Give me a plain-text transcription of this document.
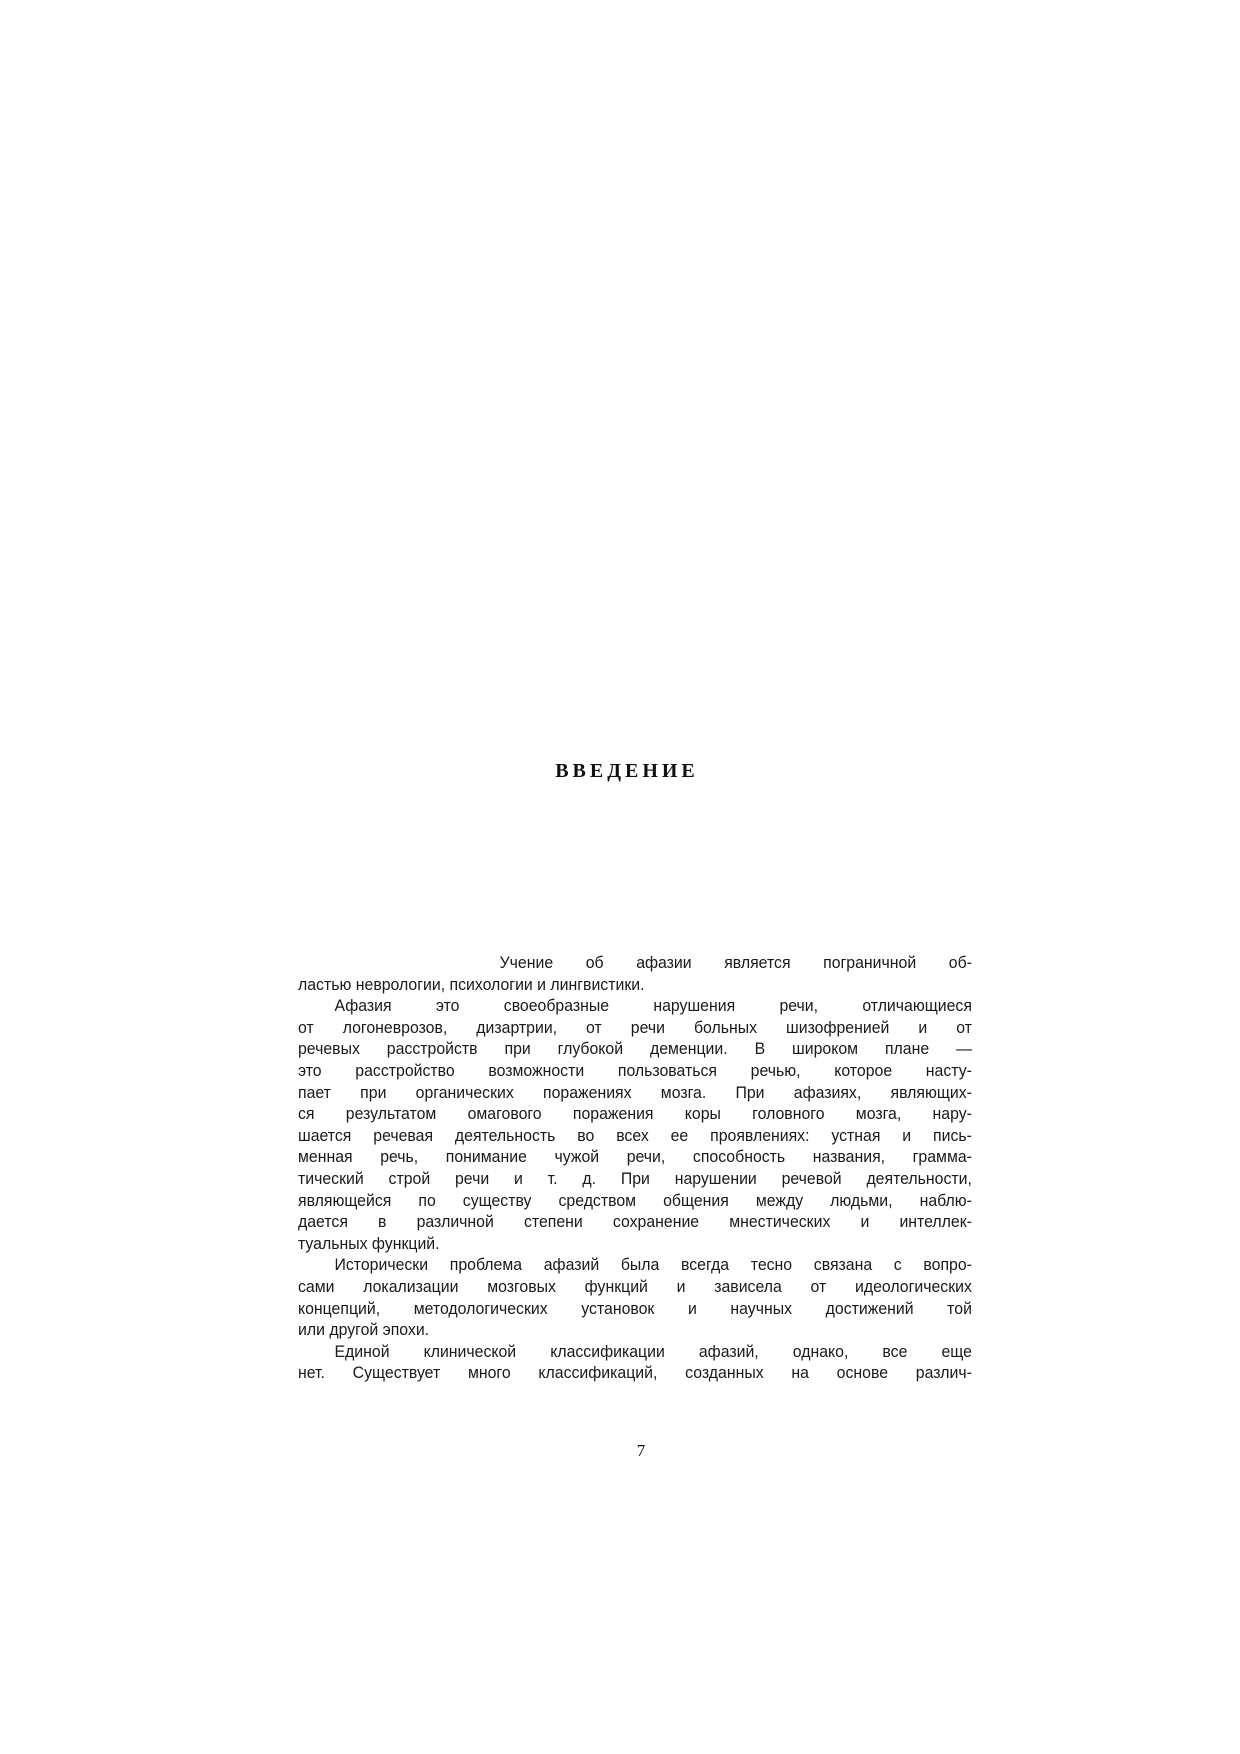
ВВЕДЕНИЕ
Учение об афазии является пограничной об-
ластью неврологии, психологии и лингвистики.
Афазия это своеобразные нарушения речи, отличающиеся
от логоневрозов, дизартрии, от речи больных шизофренией и от
речевых расстройств при глубокой деменции. В широком плане —
это расстройство возможности пользоваться речью, которое насту-
пает при органических поражениях мозга. При афазиях, являющих-
ся результатом омагового поражения коры головного мозга, нару-
шается речевая деятельность во всех ее проявлениях: устная и пись-
менная речь, понимание чужой речи, способность названия, грамма-
тический строй речи и т. д. При нарушении речевой деятельности,
являющейся по существу средством общения между людьми, наблю-
дается в различной степени сохранение мнестических и интеллек-
туальных функций.
Исторически проблема афазий была всегда тесно связана с вопро-
сами локализации мозговых функций и зависела от идеологических
концепций, методологических установок и научных достижений той
или другой эпохи.
Единой клинической классификации афазий, однако, все еще
нет. Существует много классификаций, созданных на основе различ-
7
